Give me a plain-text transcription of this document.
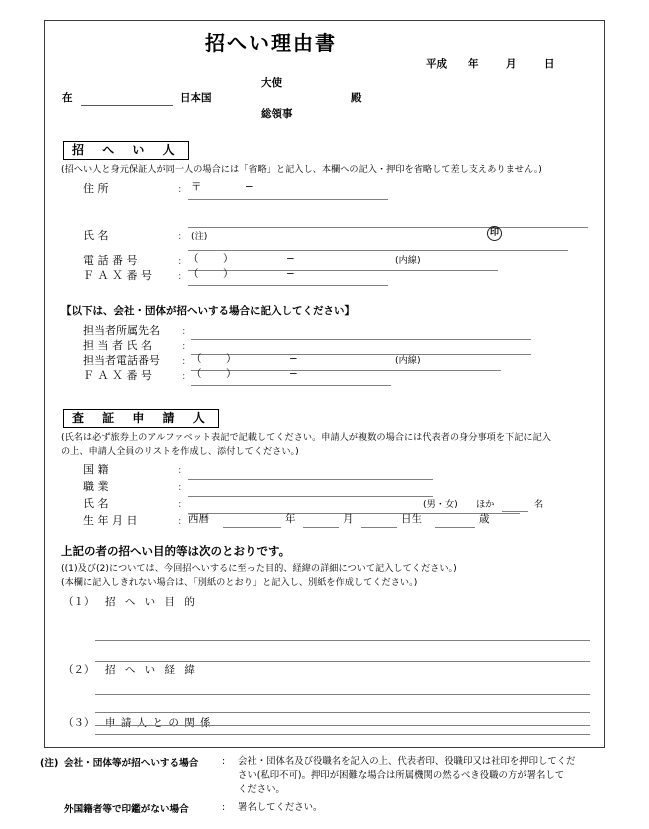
招へい理由書
平成 年	月	日
大使
総領事
殿
在	日本国
招 へ い 人
(招へい人と身元保証人が同一人の場合には「省略」と記入し、本欄への記入・押印を省略して差し支えありません。)
住 所	: 〒	−
氏 名	: (注)	印
電 話 番 号	: （ ）	−	(内線)
Ｆ Ａ Ｘ 番 号	: （ ）	−
【以下は、会社・団体が招へいする場合に記入してください】
担当者所属先名 :
担 当 者 氏 名	:
担当者電話番号 : （ ）	−	(内線)
Ｆ Ａ Ｘ 番 号	: （ ）	−
査 証 申 請 人
(氏名は必ず旅券上のアルファベット表記で記載してください。申請人が複数の場合には代表者の身分事項を下記に記入
の上、申請人全員のリストを作成し、添付してください。)
国 籍	:
職 業	:
氏 名	:	(男・女) ほか	名
生 年 月 日	: 西暦	年	月	日生	歳
上記の者の招へい目的等は次のとおりです。
((1)及び(2)については、今回招へいするに至った目的、経緯の詳細について記入してください。)
(本欄に記入しきれない場合は、「別紙のとおり」と記入し、別紙を作成してください。)
（１） 招 へ い 目 的
（２） 招 へ い 経 緯
（３） 申 請 人 と の 関 係
(注) 会社・団体等が招へいする場合	: 会社・団体名及び役職名を記入の上、代表者印、役職印又は社印を押印してくだ
さい(私印不可)。押印が困難な場合は所属機関の然るべき役職の方が署名して
ください。
外国籍者等で印鑑がない場合	: 署名してください。
